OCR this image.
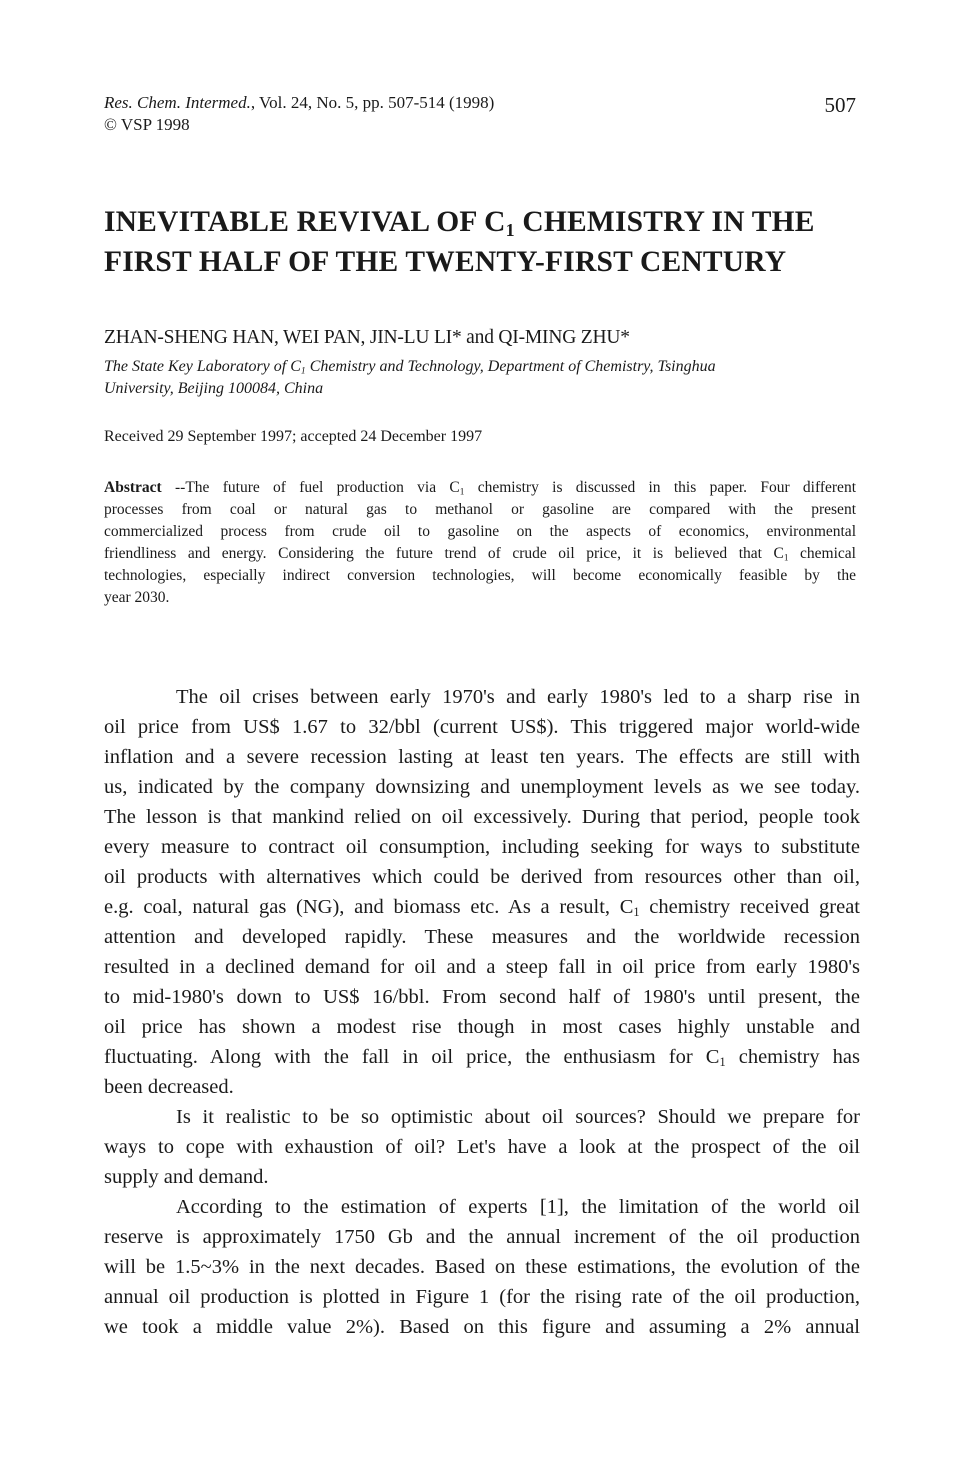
Res. Chem. Intermed., Vol. 24, No. 5, pp. 507-514 (1998)
© VSP 1998
507
INEVITABLE REVIVAL OF $C_1$ CHEMISTRY IN THE
FIRST HALF OF THE TWENTY-FIRST CENTURY
ZHAN-SHENG HAN, WEI PAN, JIN-LU LI* and QI-MING ZHU*
The State Key Laboratory of $C_1$ Chemistry and Technology, Department of Chemistry, Tsinghua
University, Beijing 100084, China
Received 29 September 1997; accepted 24 December 1997
Abstract --The future of fuel production via $C_1$ chemistry is discussed in this paper. Four different
processes from coal or natural gas to methanol or gasoline are compared with the present
commercialized process from crude oil to gasoline on the aspects of economics, environmental
friendliness and energy. Considering the future trend of crude oil price, it is believed that $C_1$ chemical
technologies, especially indirect conversion technologies, will become economically feasible by the
year 2030.
The oil crises between early 1970's and early 1980's led to a sharp rise in
oil price from US$ 1.67 to 32/bbl (current US$). This triggered major world-wide
inflation and a severe recession lasting at least ten years. The effects are still with
us, indicated by the company downsizing and unemployment levels as we see today.
The lesson is that mankind relied on oil excessively. During that period, people took
every measure to contract oil consumption, including seeking for ways to substitute
oil products with alternatives which could be derived from resources other than oil,
e.g. coal, natural gas (NG), and biomass etc. As a result, $C_1$ chemistry received great
attention and developed rapidly. These measures and the worldwide recession
resulted in a declined demand for oil and a steep fall in oil price from early 1980's
to mid-1980's down to US$ 16/bbl. From second half of 1980's until present, the
oil price has shown a modest rise though in most cases highly unstable and
fluctuating. Along with the fall in oil price, the enthusiasm for $C_1$ chemistry has
been decreased.
Is it realistic to be so optimistic about oil sources? Should we prepare for
ways to cope with exhaustion of oil? Let's have a look at the prospect of the oil
supply and demand.
According to the estimation of experts [1], the limitation of the world oil
reserve is approximately 1750 Gb and the annual increment of the oil production
will be 1.5~3% in the next decades. Based on these estimations, the evolution of the
annual oil production is plotted in Figure 1 (for the rising rate of the oil production,
we took a middle value 2%). Based on this figure and assuming a 2% annual
